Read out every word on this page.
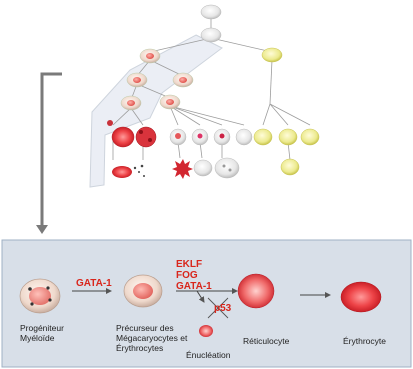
GATA-1
EKLF
FOG
GATA-1
p53
Progéniteur
Myéloïde
Précurseur des
Mégacaryocytes et
Érythrocytes
Énucléation
Réticulocyte	Érythrocyte
